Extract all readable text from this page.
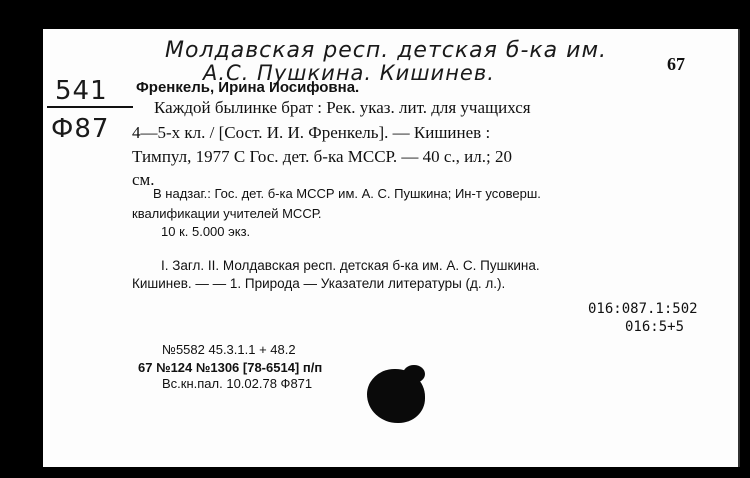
Молдавская респ. детская б-ка им.
А.С. Пушкина. Кишинев.	67
541
Ф87
Френкель, Ирина Иосифовна.
Каждой былинке брат : Рек. указ. лит. для учащихся
4—5-х кл. / [Сост. И. И. Френкель]. — Кишинев :
Тимпул, 1977 С Гос. дет. б-ка МССР. — 40 с., ил.; 20
см.
В надзаг.: Гос. дет. б-ка МССР им. А. С. Пушкина; Ин-т усоверш.
квалификации учителей МССР.
10 к. 5.000 экз.
I. Загл. II. Молдавская респ. детская б-ка им. А. С. Пушкина.
Кишинев. — — 1. Природа — Указатели литературы (д. л.).
016:087.1:502
016:5+5
№5582 45.3.1.1 + 48.2
67 №124 №1306 [78-6514] п/п
Вс.кн.пал. 10.02.78 Ф871
